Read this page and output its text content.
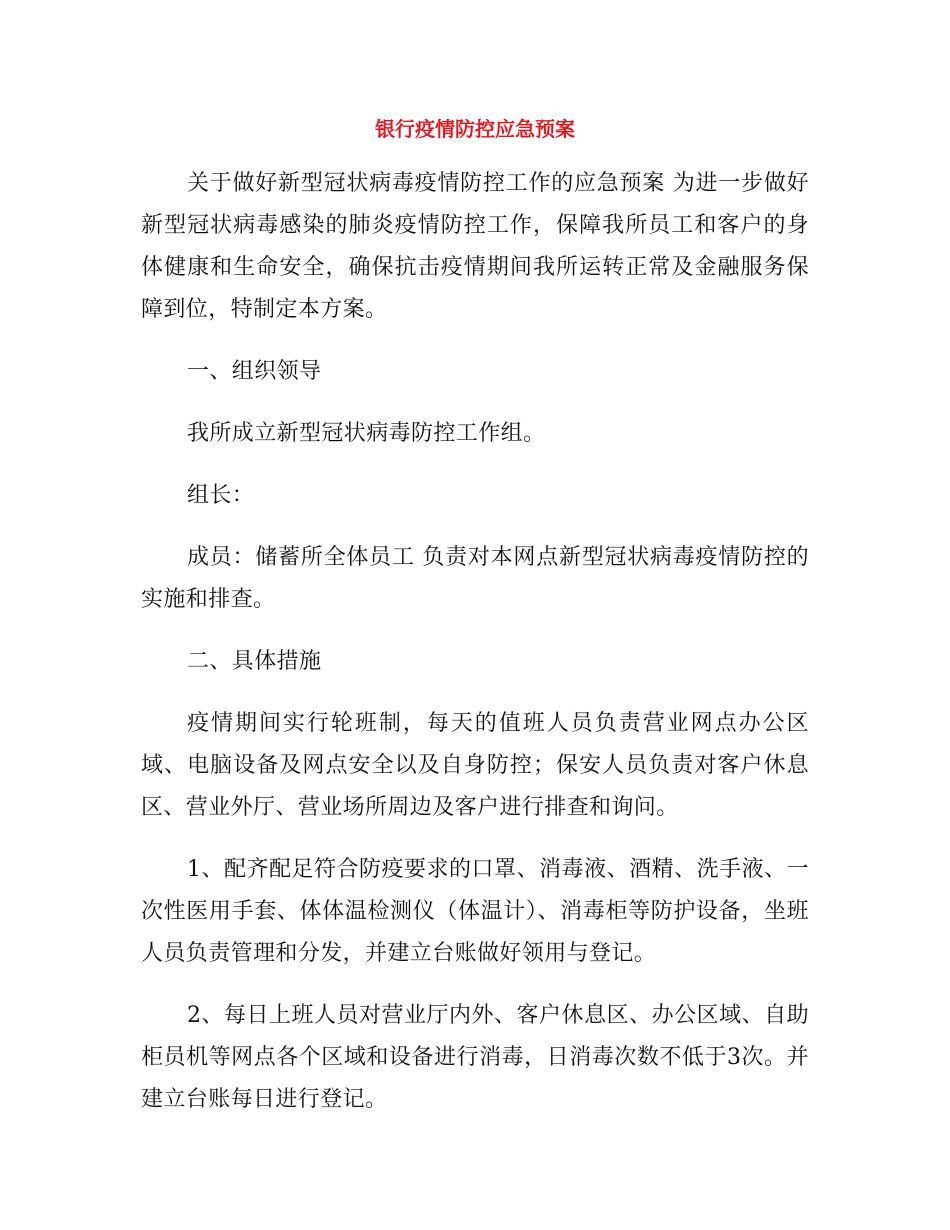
银行疫情防控应急预案

关于做好新型冠状病毒疫情防控工作的应急预案 为进一步做好新型冠状病毒感染的肺炎疫情防控工作，保障我所员工和客户的身体健康和生命安全，确保抗击疫情期间我所运转正常及金融服务保障到位，特制定本方案。

一、组织领导

我所成立新型冠状病毒防控工作组。

组长：

成员：储蓄所全体员工 负责对本网点新型冠状病毒疫情防控的实施和排查。

二、具体措施

疫情期间实行轮班制，每天的值班人员负责营业网点办公区域、电脑设备及网点安全以及自身防控；保安人员负责对客户休息区、营业外厅、营业场所周边及客户进行排查和询问。

1、配齐配足符合防疫要求的口罩、消毒液、酒精、洗手液、一次性医用手套、体体温检测仪（体温计）、消毒柜等防护设备，坐班人员负责管理和分发，并建立台账做好领用与登记。

2、每日上班人员对营业厅内外、客户休息区、办公区域、自助柜员机等网点各个区域和设备进行消毒，日消毒次数不低于3次。并建立台账每日进行登记。
